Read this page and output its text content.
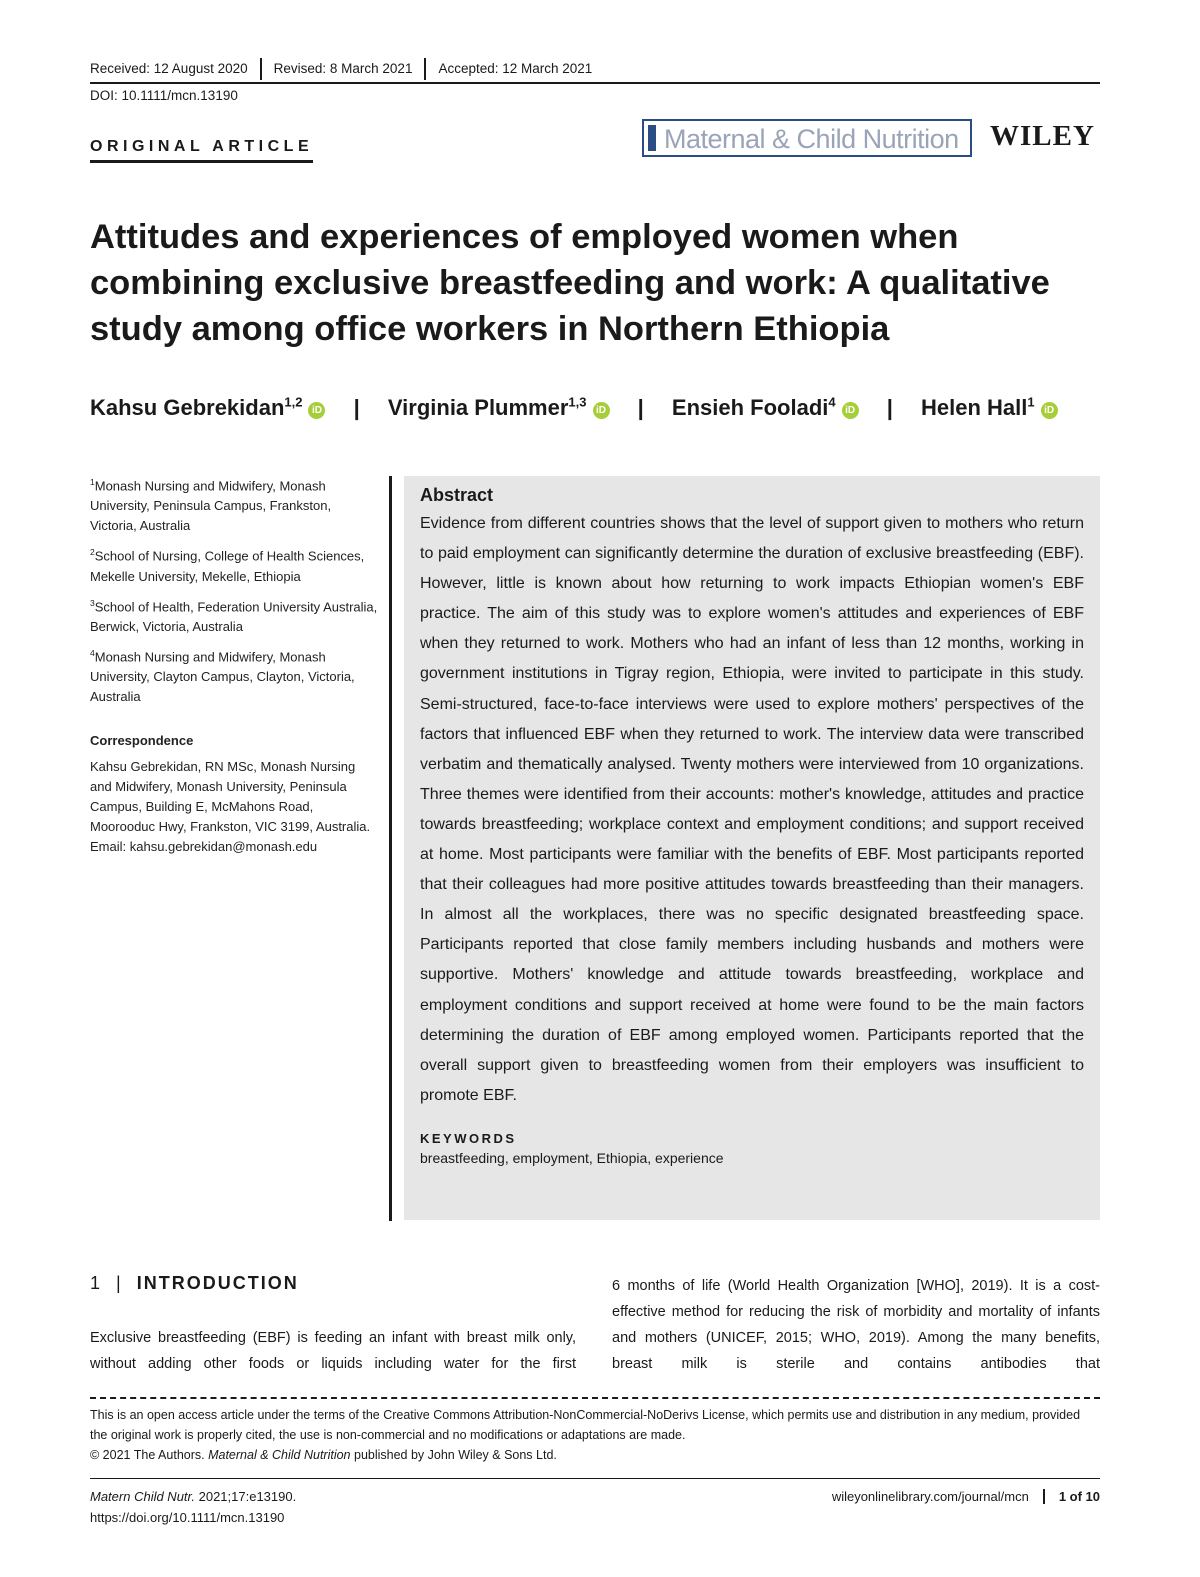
Received: 12 August 2020 Revised: 8 March 2021 Accepted: 12 March 2021
DOI: 10.1111/mcn.13190
ORIGINAL ARTICLE	Maternal & Child Nutrition WILEY
Attitudes and experiences of employed women when combining exclusive breastfeeding and work: A qualitative study among office workers in Northern Ethiopia
Kahsu Gebrekidan$^{1,2}$iD | Virginia Plummer$^{1,3}$iD | Ensieh Fooladi$^4$iD | Helen Hall$^1$iD

$^1$Monash Nursing and Midwifery, Monash University, Peninsula Campus, Frankston, Victoria, Australia

$^2$School of Nursing, College of Health Sciences, Mekelle University, Mekelle, Ethiopia

$^3$School of Health, Federation University Australia, Berwick, Victoria, Australia

$^4$Monash Nursing and Midwifery, Monash University, Clayton Campus, Clayton, Victoria, Australia

Correspondence

Kahsu Gebrekidan, RN MSc, Monash Nursing and Midwifery, Monash University, Peninsula Campus, Building E, McMahons Road, Moorooduc Hwy, Frankston, VIC 3199, Australia.
Email: kahsu.gebrekidan@monash.edu

Abstract

Evidence from different countries shows that the level of support given to mothers who return to paid employment can significantly determine the duration of exclusive breastfeeding (EBF). However, little is known about how returning to work impacts Ethiopian women's EBF practice. The aim of this study was to explore women's attitudes and experiences of EBF when they returned to work. Mothers who had an infant of less than 12 months, working in government institutions in Tigray region, Ethiopia, were invited to participate in this study. Semi-structured, face-to-face interviews were used to explore mothers' perspectives of the factors that influenced EBF when they returned to work. The interview data were transcribed verbatim and thematically analysed. Twenty mothers were interviewed from 10 organizations. Three themes were identified from their accounts: mother's knowledge, attitudes and practice towards breastfeeding; workplace context and employment conditions; and support received at home. Most participants were familiar with the benefits of EBF. Most participants reported that their colleagues had more positive attitudes towards breastfeeding than their managers. In almost all the workplaces, there was no specific designated breastfeeding space. Participants reported that close family members including husbands and mothers were supportive. Mothers' knowledge and attitude towards breastfeeding, workplace and employment conditions and support received at home were found to be the main factors determining the duration of EBF among employed women. Participants reported that the overall support given to breastfeeding women from their employers was insufficient to promote EBF.

KEYWORDS
breastfeeding, employment, Ethiopia, experience
1 | INTRODUCTION
Exclusive breastfeeding (EBF) is feeding an infant with breast milk only, without adding other foods or liquids including water for the first
6 months of life (World Health Organization [WHO], 2019). It is a cost-effective method for reducing the risk of morbidity and mortality of infants and mothers (UNICEF, 2015; WHO, 2019). Among the many benefits, breast milk is sterile and contains antibodies that

This is an open access article under the terms of the Creative Commons Attribution-NonCommercial-NoDerivs License, which permits use and distribution in any medium, provided the original work is properly cited, the use is non-commercial and no modifications or adaptations are made.

© 2021 The Authors. Maternal & Child Nutrition published by John Wiley & Sons Ltd.

Matern Child Nutr. 2021;17:e13190.
https://doi.org/10.1111/mcn.13190
wileyonlinelibrary.com/journal/mcn 1 of 10
